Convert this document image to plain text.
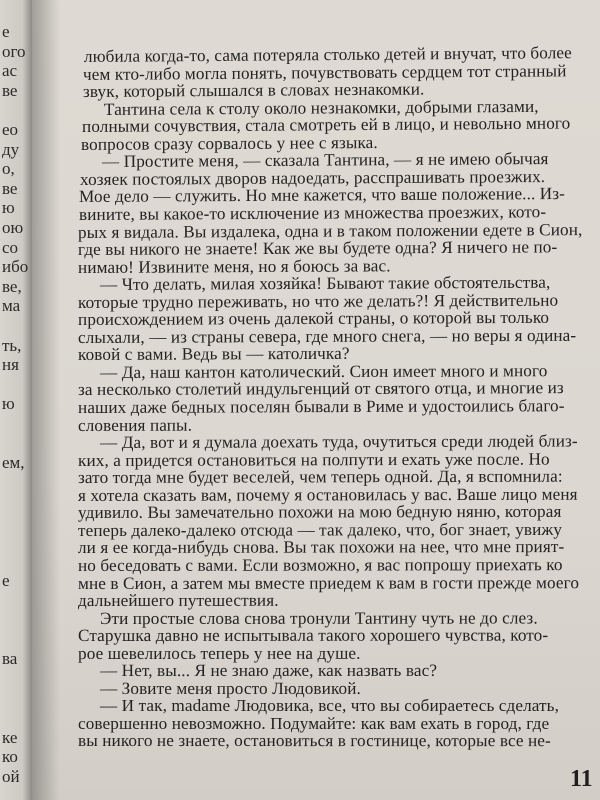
е
ого
ас
ве
ео
ду
о,
ве
ю
ою
со
ибо
ве,
ма
ть,
ня
ю
ем,
е
ва
ке
ко
ой
любила когда-то, сама потеряла столько детей и внучат, что более
чем кто-либо могла понять, почувствовать сердцем тот странный
звук, который слышался в словах незнакомки.
Тантина села к столу около незнакомки, добрыми глазами,
полными сочувствия, стала смотреть ей в лицо, и невольно много
вопросов сразу сорвалось у нее с языка.
— Простите меня, — сказала Тантина, — я не имею обычая
хозяек постоялых дворов надоедать, расспрашивать проезжих.
Мое дело — служить. Но мне кажется, что ваше положение... Из-
вините, вы какое-то исключение из множества проезжих, кото-
рых я видала. Вы издалека, одна и в таком положении едете в Сион,
где вы никого не знаете! Как же вы будете одна? Я ничего не по-
нимаю! Извините меня, но я боюсь за вас.
— Что делать, милая хозяйка! Бывают такие обстоятельства,
которые трудно переживать, но что же делать?! Я действительно
происхождением из очень далекой страны, о которой вы только
слыхали, — из страны севера, где много снега, — но веры я одина-
ковой с вами. Ведь вы — католичка?
— Да, наш кантон католический. Сион имеет много и много
за несколько столетий индульгенций от святого отца, и многие из
наших даже бедных поселян бывали в Риме и удостоились благо-
словения папы.
— Да, вот и я думала доехать туда, очутиться среди людей близ-
ких, а придется остановиться на полпути и ехать уже после. Но
зато тогда мне будет веселей, чем теперь одной. Да, я вспомнила:
я хотела сказать вам, почему я остановилась у вас. Ваше лицо меня
удивило. Вы замечательно похожи на мою бедную няню, которая
теперь далеко-далеко отсюда — так далеко, что, бог знает, увижу
ли я ее когда-нибудь снова. Вы так похожи на нее, что мне прият-
но беседовать с вами. Если возможно, я вас попрошу приехать ко
мне в Сион, а затем мы вместе приедем к вам в гости прежде моего
дальнейшего путешествия.
Эти простые слова снова тронули Тантину чуть не до слез.
Старушка давно не испытывала такого хорошего чувства, кото-
рое шевелилось теперь у нее на душе.
— Нет, вы... Я не знаю даже, как назвать вас?
— Зовите меня просто Людовикой.
— И так, madame Людовика, все, что вы собираетесь сделать,
совершенно невозможно. Подумайте: как вам ехать в город, где
вы никого не знаете, остановиться в гостинице, которые все не-
11
